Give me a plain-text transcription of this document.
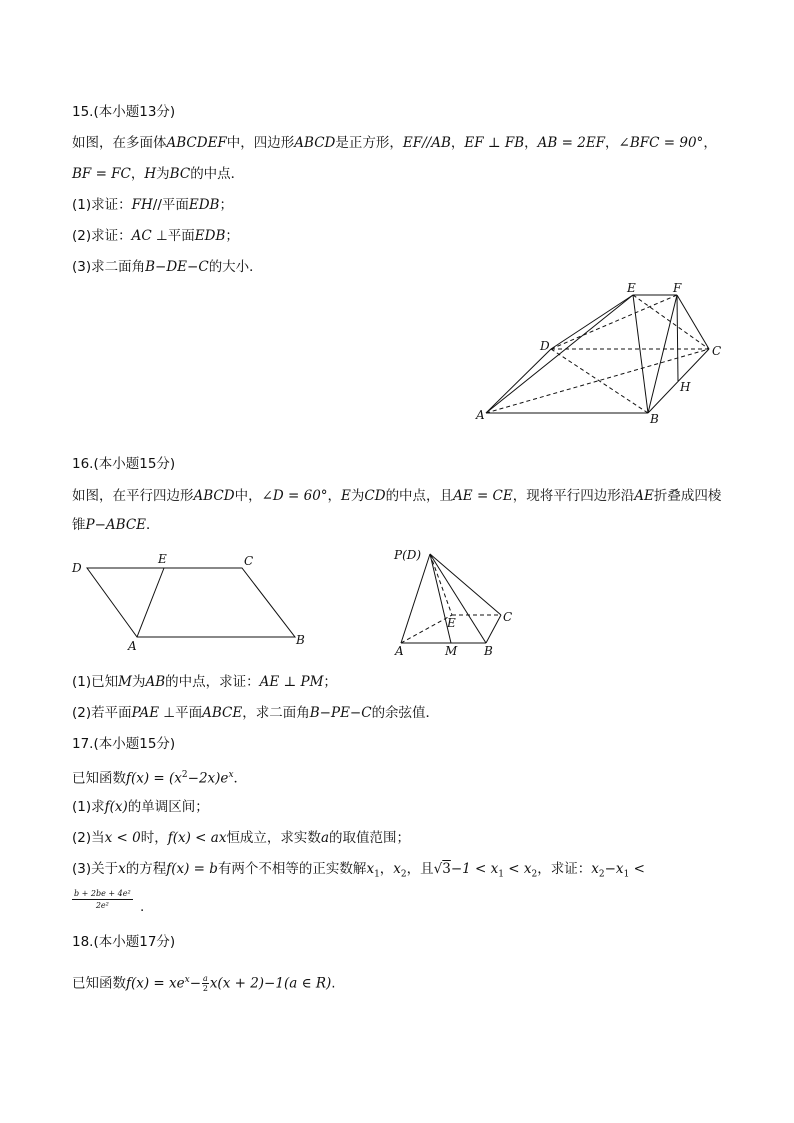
15.(本小题13分)
如图，在多面体ABCDEF中，四边形ABCD是正方形，EF//AB，EF ⊥ FB，AB = 2EF，∠BFC = 90°，
BF = FC，H为BC的中点．
(1)求证：FH//平面EDB；
(2)求证：AC ⊥平面EDB；
(3)求二面角B−DE−C的大小．
E	F
D	C
H
A	B
16.(本小题15分)
如图，在平行四边形ABCD中，∠D = 60°，E为CD的中点，且AE = CE，现将平行四边形沿AE折叠成四棱
锥P−ABCE．
D
E	C
A	B
P(D)
E	C
A	M B
(1)已知M为AB的中点，求证：AE ⊥ PM；
(2)若平面PAE ⊥平面ABCE，求二面角B−PE−C的余弦值．
17.(本小题15分)
已知函数$f(x) = (x^2-2x)e^x$．
(1)求f(x)的单调区间；
(2)当x < 0时，f(x) < ax恒成立，求实数a的取值范围；
(3)关于x的方程f(x) = b有两个不相等的正实数解$x_1$，$x_2$，且$√3-1 < x_1 < x_2$，求证：$x_2-x_1$ <
$\frac{\text{b + 2be + 4e²}}{\text{2e²}}$ .
18.(本小题17分)
已知函数$f(x) = xe^x- \frac{a}{2} x(x + 2)-1(a$ ∈ R).
